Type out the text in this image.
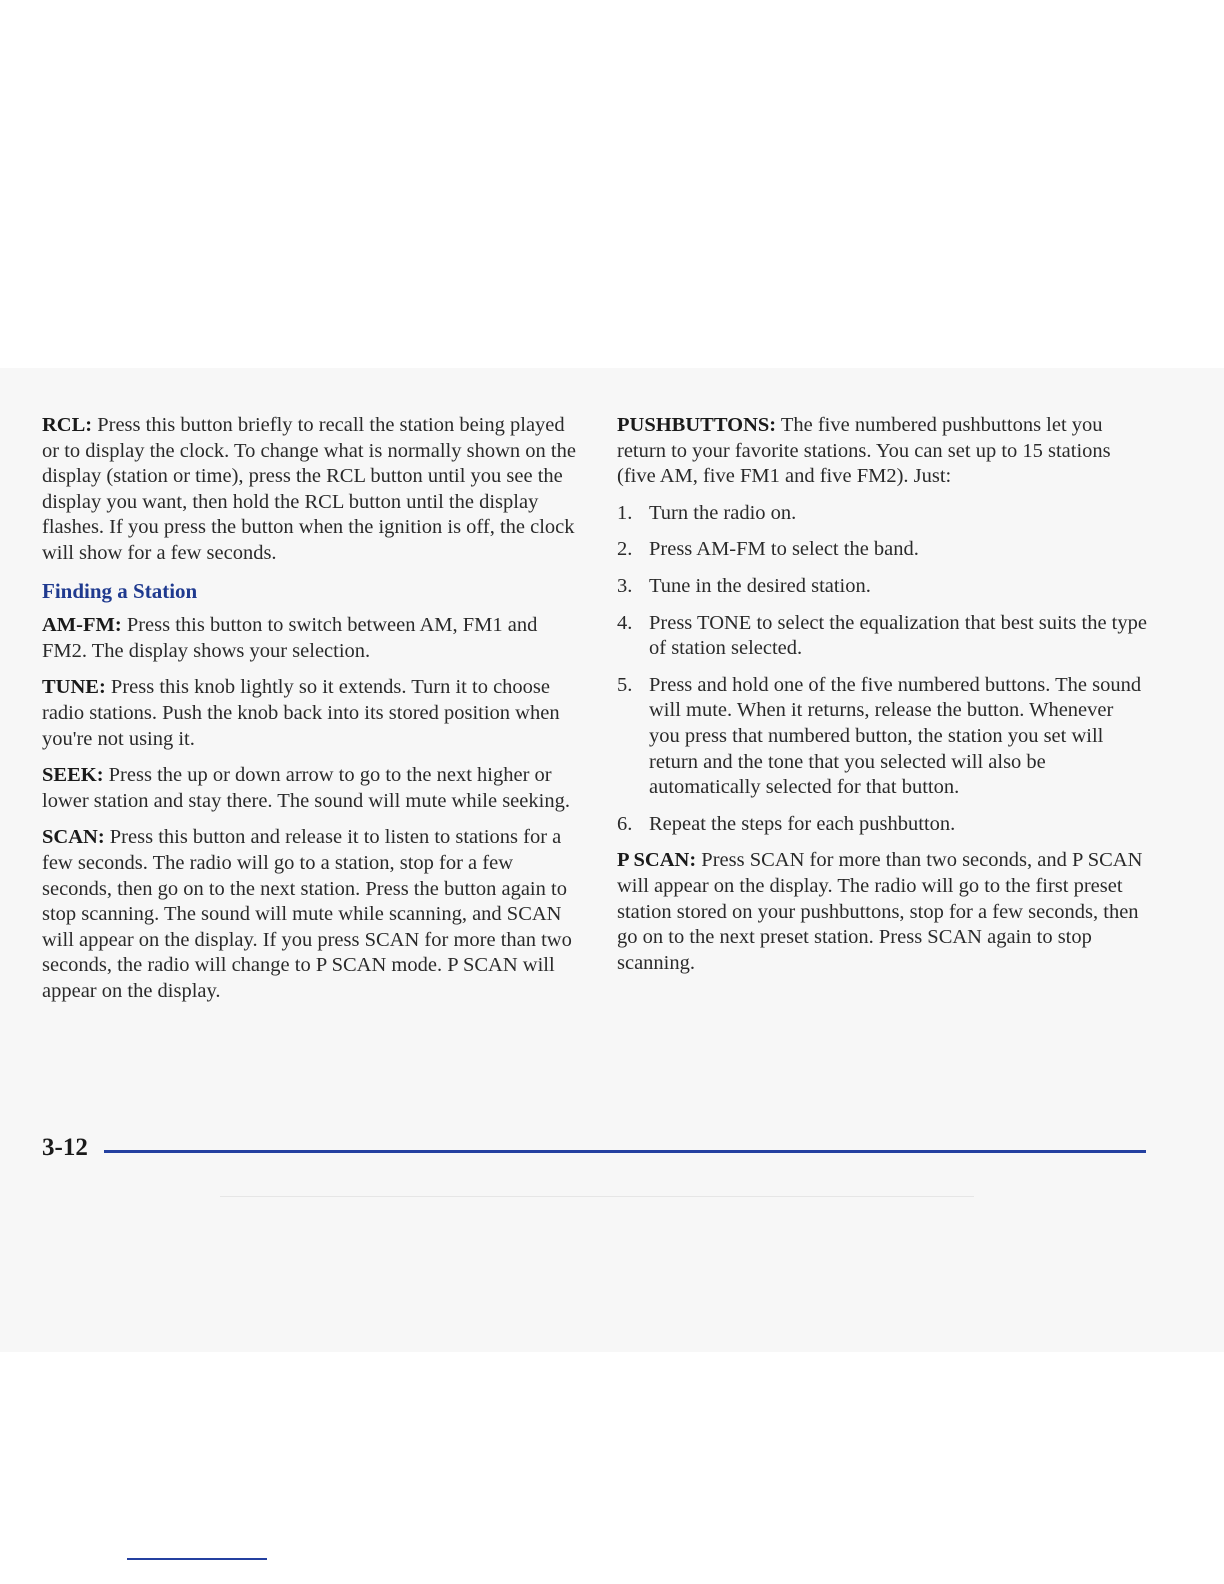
RCL: Press this button briefly to recall the station being played or to display the clock. To change what is normally shown on the display (station or time), press the RCL button until you see the display you want, then hold the RCL button until the display flashes. If you press the button when the ignition is off, the clock will show for a few seconds.

Finding a Station

AM-FM: Press this button to switch between AM, FM1 and FM2. The display shows your selection.

TUNE: Press this knob lightly so it extends. Turn it to choose radio stations. Push the knob back into its stored position when you're not using it.

SEEK: Press the up or down arrow to go to the next higher or lower station and stay there. The sound will mute while seeking.

SCAN: Press this button and release it to listen to stations for a few seconds. The radio will go to a station, stop for a few seconds, then go on to the next station. Press the button again to stop scanning. The sound will mute while scanning, and SCAN will appear on the display. If you press SCAN for more than two seconds, the radio will change to P SCAN mode. P SCAN will appear on the display.

PUSHBUTTONS: The five numbered pushbuttons let you return to your favorite stations. You can set up to 15 stations (five AM, five FM1 and five FM2). Just:

1. Turn the radio on.
2. Press AM-FM to select the band.
3. Tune in the desired station.
4. Press TONE to select the equalization that best suits the type of station selected.
5. Press and hold one of the five numbered buttons. The sound will mute. When it returns, release the button. Whenever you press that numbered button, the station you set will return and the tone that you selected will also be automatically selected for that button.
6. Repeat the steps for each pushbutton.

P SCAN: Press SCAN for more than two seconds, and P SCAN will appear on the display. The radio will go to the first preset station stored on your pushbuttons, stop for a few seconds, then go on to the next preset station. Press SCAN again to stop scanning.

3-12
